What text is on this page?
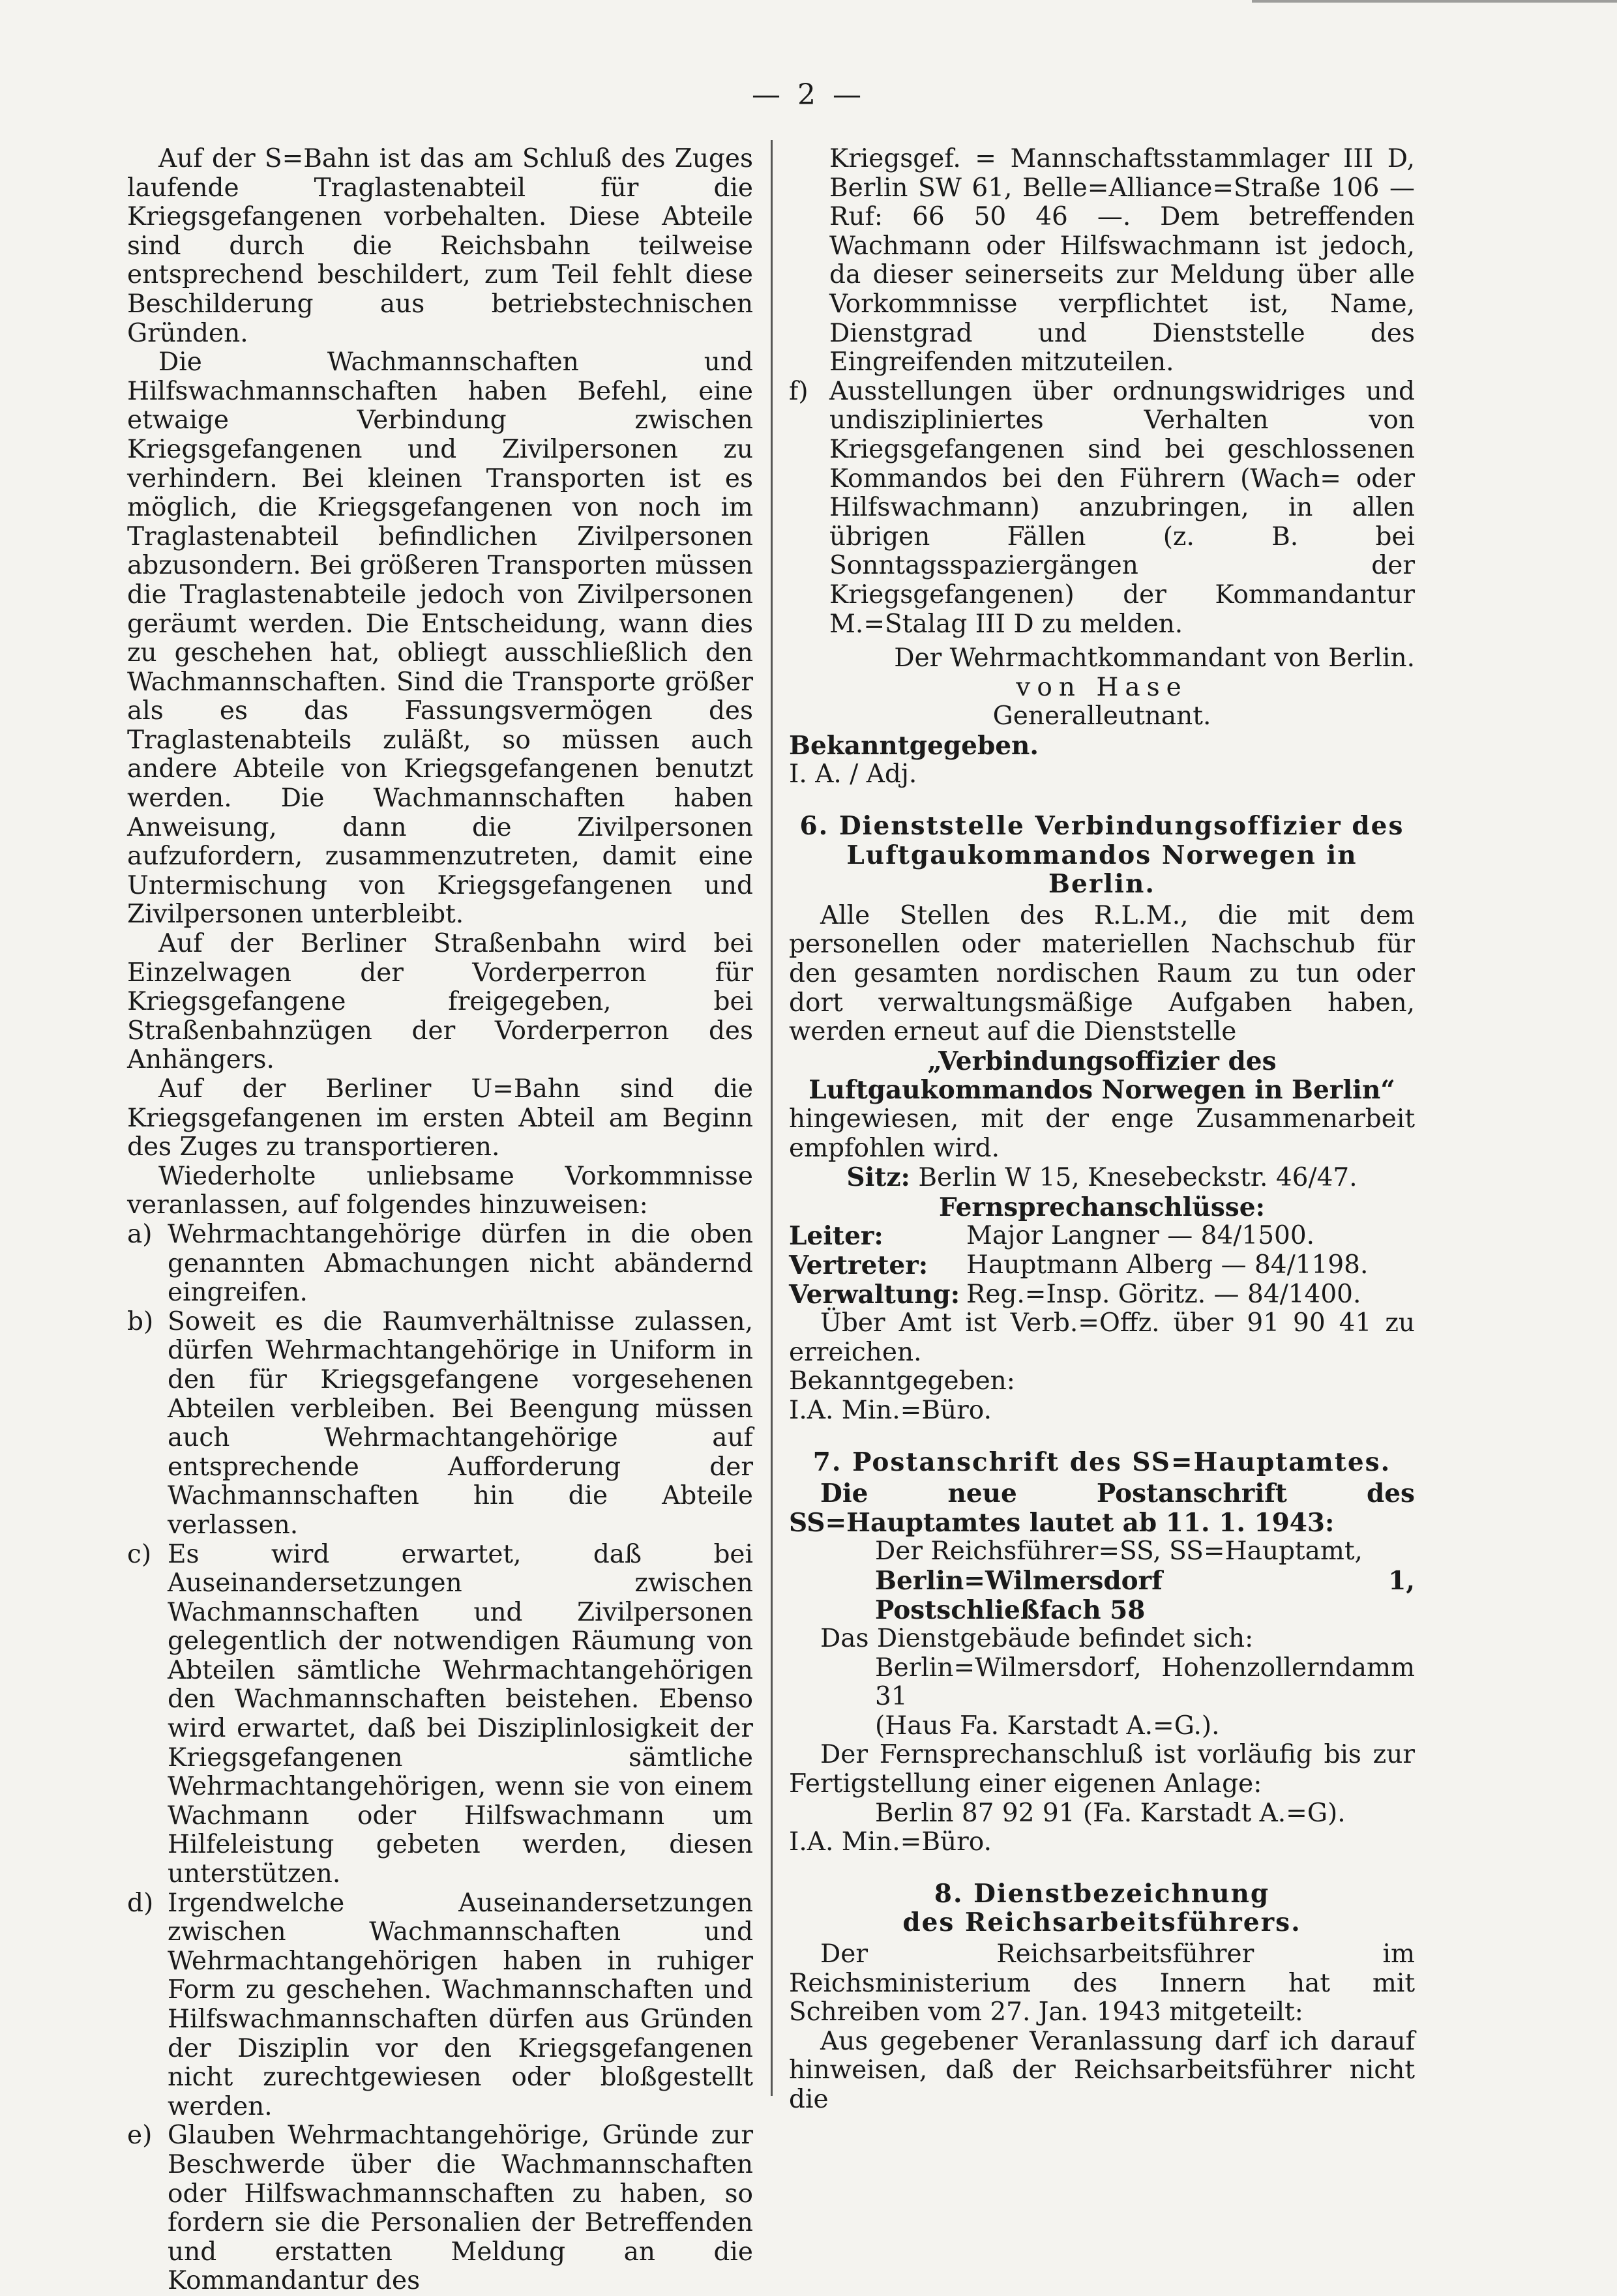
— 2 —

Auf der S=Bahn ist das am Schluß des Zuges laufende Traglastenabteil für die Kriegsgefangenen vorbehalten. Diese Abteile sind durch die Reichsbahn teilweise entsprechend beschildert, zum Teil fehlt diese Beschilderung aus betriebstechnischen Gründen.

Die Wachmannschaften und Hilfswachmannschaften haben Befehl, eine etwaige Verbindung zwischen Kriegsgefangenen und Zivilpersonen zu verhindern. Bei kleinen Transporten ist es möglich, die Kriegsgefangenen von noch im Traglastenabteil befindlichen Zivilpersonen abzusondern. Bei größeren Transporten müssen die Traglastenabteile jedoch von Zivilpersonen geräumt werden. Die Entscheidung, wann dies zu geschehen hat, obliegt ausschließlich den Wachmannschaften. Sind die Transporte größer als es das Fassungsvermögen des Traglastenabteils zuläßt, so müssen auch andere Abteile von Kriegsgefangenen benutzt werden. Die Wachmannschaften haben Anweisung, dann die Zivilpersonen aufzufordern, zusammenzutreten, damit eine Untermischung von Kriegsgefangenen und Zivilpersonen unterbleibt.

Auf der Berliner Straßenbahn wird bei Einzelwagen der Vorderperron für Kriegsgefangene freigegeben, bei Straßenbahnzügen der Vorderperron des Anhängers.

Auf der Berliner U=Bahn sind die Kriegsgefangenen im ersten Abteil am Beginn des Zuges zu transportieren.

Wiederholte unliebsame Vorkommnisse veranlassen, auf folgendes hinzuweisen:

a) Wehrmachtangehörige dürfen in die oben genannten Abmachungen nicht abändernd eingreifen.
b) Soweit es die Raumverhältnisse zulassen, dürfen Wehrmachtangehörige in Uniform in den für Kriegsgefangene vorgesehenen Abteilen verbleiben. Bei Beengung müssen auch Wehrmachtangehörige auf entsprechende Aufforderung der Wachmannschaften hin die Abteile verlassen.
c) Es wird erwartet, daß bei Auseinandersetzungen zwischen Wachmannschaften und Zivilpersonen gelegentlich der notwendigen Räumung von Abteilen sämtliche Wehrmachtangehörigen den Wachmannschaften beistehen. Ebenso wird erwartet, daß bei Disziplinlosigkeit der Kriegsgefangenen sämtliche Wehrmachtangehörigen, wenn sie von einem Wachmann oder Hilfswachmann um Hilfeleistung gebeten werden, diesen unterstützen.
d) Irgendwelche Auseinandersetzungen zwischen Wachmannschaften und Wehrmachtangehörigen haben in ruhiger Form zu geschehen. Wachmannschaften und Hilfswachmannschaften dürfen aus Gründen der Disziplin vor den Kriegsgefangenen nicht zurechtgewiesen oder bloßgestellt werden.
e) Glauben Wehrmachtangehörige, Gründe zur Beschwerde über die Wachmannschaften oder Hilfswachmannschaften zu haben, so fordern sie die Personalien der Betreffenden und erstatten Meldung an die Kommandantur des

Kriegsgef. = Mannschaftsstammlager III D, Berlin SW 61, Belle=Alliance=Straße 106 — Ruf: 66 50 46 —. Dem betreffenden Wachmann oder Hilfswachmann ist jedoch, da dieser seinerseits zur Meldung über alle Vorkommnisse verpflichtet ist, Name, Dienstgrad und Dienststelle des Eingreifenden mitzuteilen.

f) Ausstellungen über ordnungswidriges und undiszipliniertes Verhalten von Kriegsgefangenen sind bei geschlossenen Kommandos bei den Führern (Wach= oder Hilfswachmann) anzubringen, in allen übrigen Fällen (z. B. bei Sonntagsspaziergängen der Kriegsgefangenen) der Kommandantur M.=Stalag III D zu melden.

Der Wehrmachtkommandant von Berlin.

von Hase

Generalleutnant.

Bekanntgegeben.

I. A. / Adj.

6. Dienststelle Verbindungsoffizier des Luftgaukommandos Norwegen in Berlin.

Alle Stellen des R.L.M., die mit dem personellen oder materiellen Nachschub für den gesamten nordischen Raum zu tun oder dort verwaltungsmäßige Aufgaben haben, werden erneut auf die Dienststelle

„Verbindungsoffizier des Luftgaukommandos Norwegen in Berlin“

hingewiesen, mit der enge Zusammenarbeit empfohlen wird.

Sitz: Berlin W 15, Knesebeckstr. 46/47.

Fernsprechanschlüsse:

Leiter:	Major Langner — 84/1500.
Vertreter:	Hauptmann Alberg — 84/1198.
Verwaltung: Reg.=Insp. Göritz. — 84/1400.

Über Amt ist Verb.=Offz. über 91 90 41 zu erreichen.

Bekanntgegeben:

I.A. Min.=Büro.

7. Postanschrift des SS=Hauptamtes.

Die neue Postanschrift des SS=Hauptamtes lautet ab 11. 1. 1943:

Der Reichsführer=SS, SS=Hauptamt,

Berlin=Wilmersdorf 1, Postschließfach 58

Das Dienstgebäude befindet sich:

Berlin=Wilmersdorf, Hohenzollerndamm 31

(Haus Fa. Karstadt A.=G.).

Der Fernsprechanschluß ist vorläufig bis zur Fertigstellung einer eigenen Anlage:

Berlin 87 92 91 (Fa. Karstadt A.=G).

I.A. Min.=Büro.

8. Dienstbezeichnung
des Reichsarbeitsführers.

Der Reichsarbeitsführer im Reichsministerium des Innern hat mit Schreiben vom 27. Jan. 1943 mitgeteilt:

Aus gegebener Veranlassung darf ich darauf hinweisen, daß der Reichsarbeitsführer nicht die
